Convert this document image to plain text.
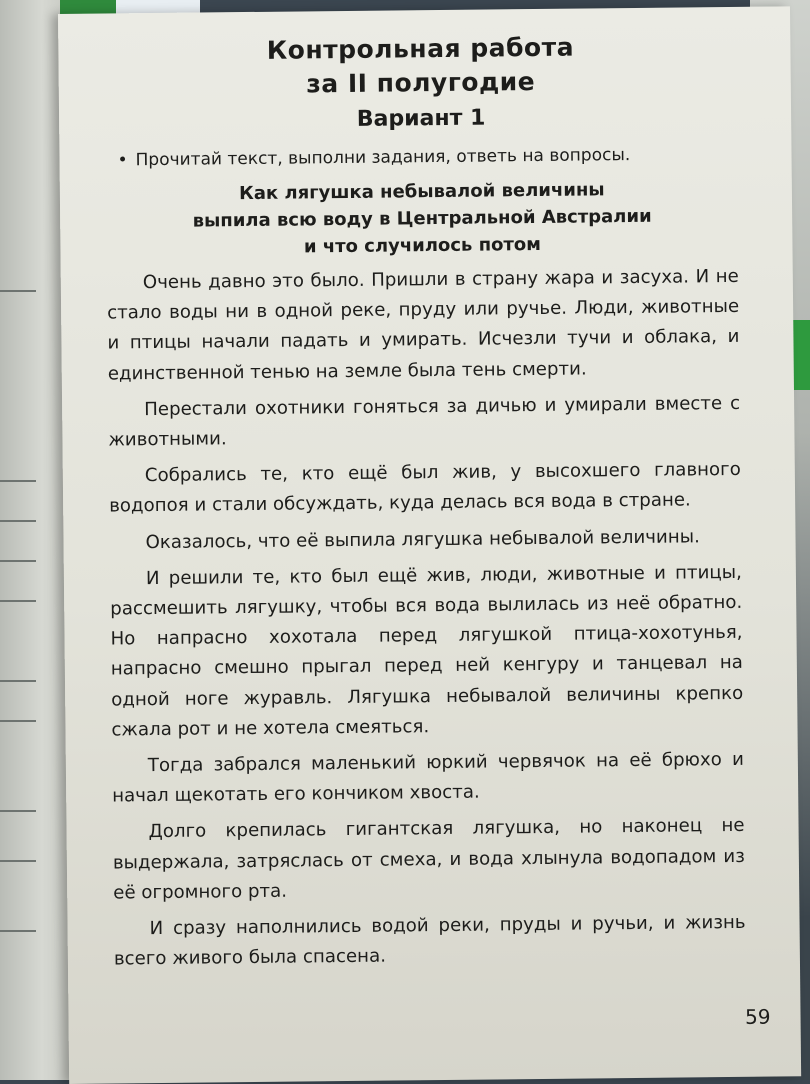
Контрольная работа
за II полугодие
Вариант 1

• Прочитай текст, выполни задания, ответь на вопросы.

Как лягушка небывалой величины
выпила всю воду в Центральной Австралии
и что случилось потом

Очень давно это было. Пришли в страну жара и засуха. И не стало воды ни в одной реке, пруду или ручье. Люди, животные и птицы начали падать и умирать. Исчезли тучи и облака, и единственной тенью на земле была тень смерти.

Перестали охотники гоняться за дичью и умирали вместе с животными.

Собрались те, кто ещё был жив, у высохшего главного водопоя и стали обсуждать, куда делась вся вода в стране.

Оказалось, что её выпила лягушка небывалой величины.

И решили те, кто был ещё жив, люди, животные и птицы, рассмешить лягушку, чтобы вся вода вылилась из неё обратно. Но напрасно хохотала перед лягушкой птица-хохотунья, напрасно смешно прыгал перед ней кенгуру и танцевал на одной ноге журавль. Лягушка небывалой величины крепко сжала рот и не хотела смеяться.

Тогда забрался маленький юркий червячок на её брюхо и начал щекотать его кончиком хвоста.

Долго крепилась гигантская лягушка, но наконец не выдержала, затряслась от смеха, и вода хлынула водопадом из её огромного рта.

И сразу наполнились водой реки, пруды и ручьи, и жизнь всего живого была спасена.

59
